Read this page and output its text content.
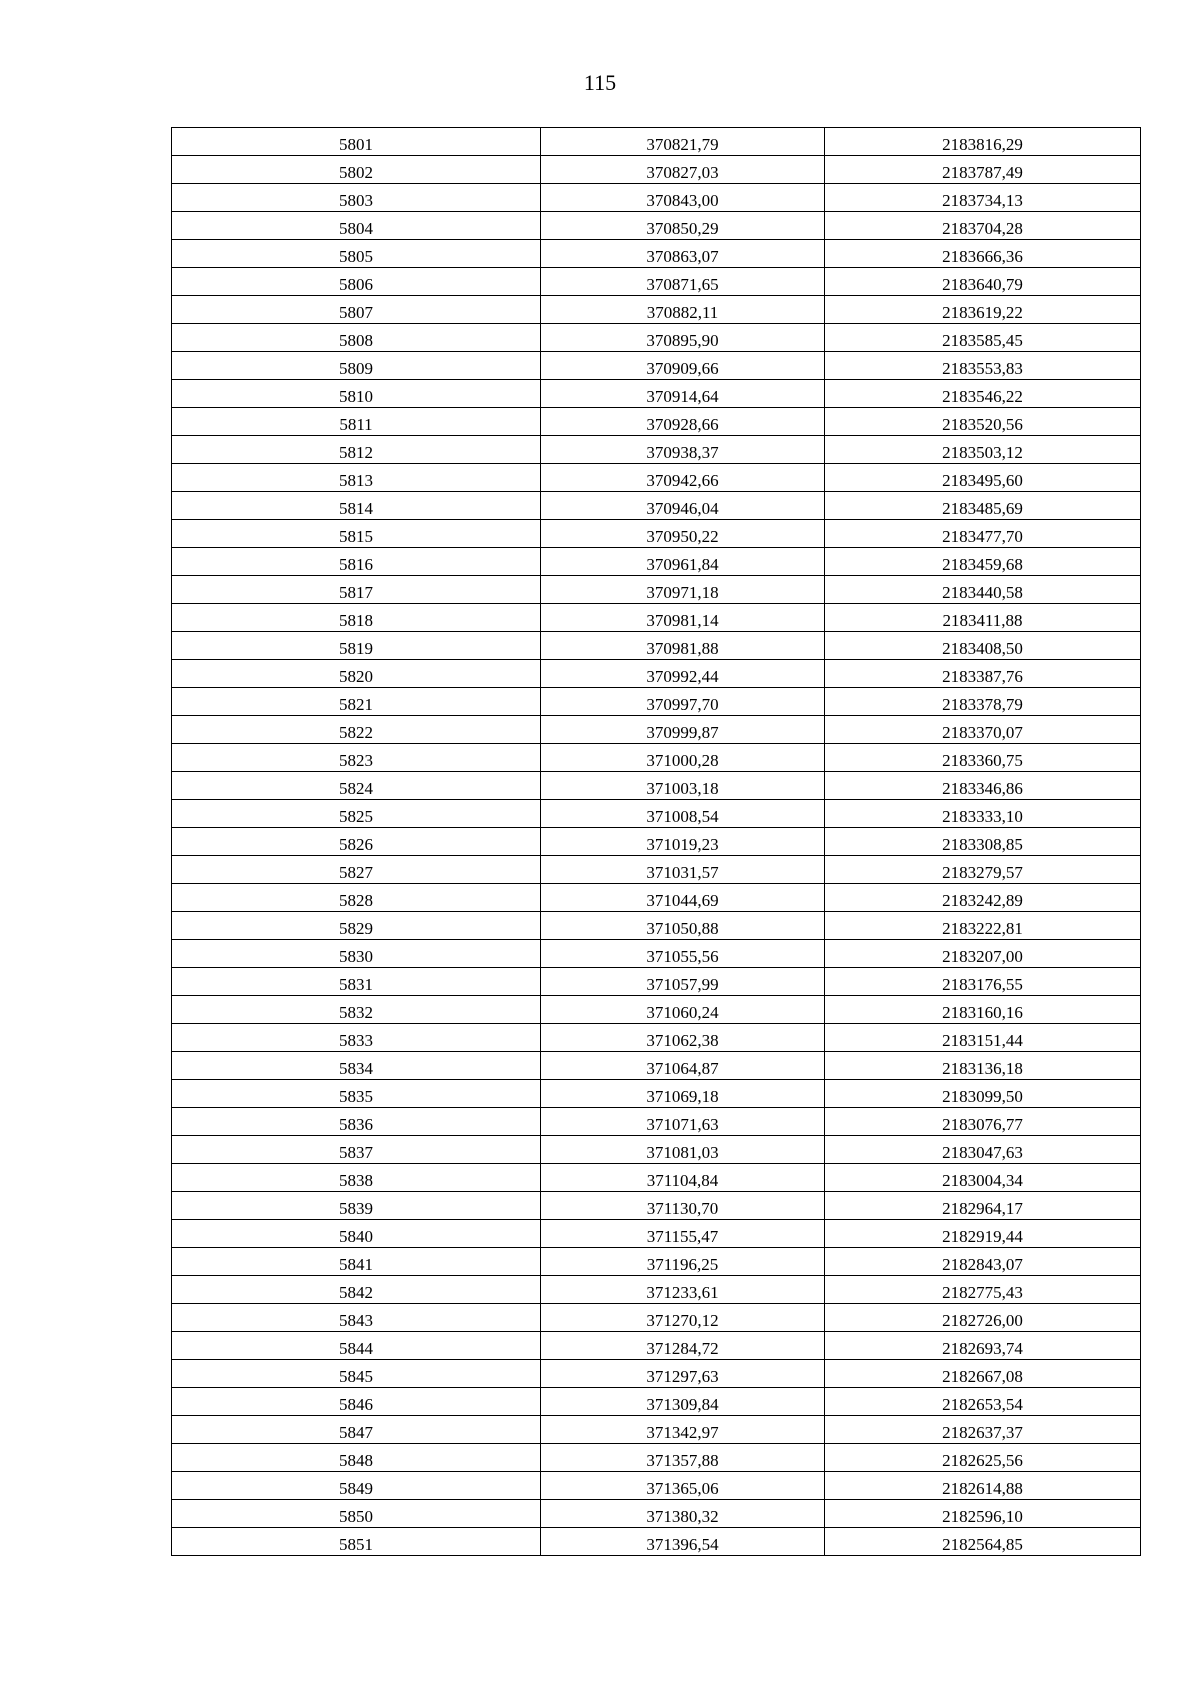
115
5801	370821,79	2183816,29
5802	370827,03	2183787,49
5803	370843,00	2183734,13
5804	370850,29	2183704,28
5805	370863,07	2183666,36
5806	370871,65	2183640,79
5807	370882,11	2183619,22
5808	370895,90	2183585,45
5809	370909,66	2183553,83
5810	370914,64	2183546,22
5811	370928,66	2183520,56
5812	370938,37	2183503,12
5813	370942,66	2183495,60
5814	370946,04	2183485,69
5815	370950,22	2183477,70
5816	370961,84	2183459,68
5817	370971,18	2183440,58
5818	370981,14	2183411,88
5819	370981,88	2183408,50
5820	370992,44	2183387,76
5821	370997,70	2183378,79
5822	370999,87	2183370,07
5823	371000,28	2183360,75
5824	371003,18	2183346,86
5825	371008,54	2183333,10
5826	371019,23	2183308,85
5827	371031,57	2183279,57
5828	371044,69	2183242,89
5829	371050,88	2183222,81
5830	371055,56	2183207,00
5831	371057,99	2183176,55
5832	371060,24	2183160,16
5833	371062,38	2183151,44
5834	371064,87	2183136,18
5835	371069,18	2183099,50
5836	371071,63	2183076,77
5837	371081,03	2183047,63
5838	371104,84	2183004,34
5839	371130,70	2182964,17
5840	371155,47	2182919,44
5841	371196,25	2182843,07
5842	371233,61	2182775,43
5843	371270,12	2182726,00
5844	371284,72	2182693,74
5845	371297,63	2182667,08
5846	371309,84	2182653,54
5847	371342,97	2182637,37
5848	371357,88	2182625,56
5849	371365,06	2182614,88
5850	371380,32	2182596,10
5851	371396,54	2182564,85
